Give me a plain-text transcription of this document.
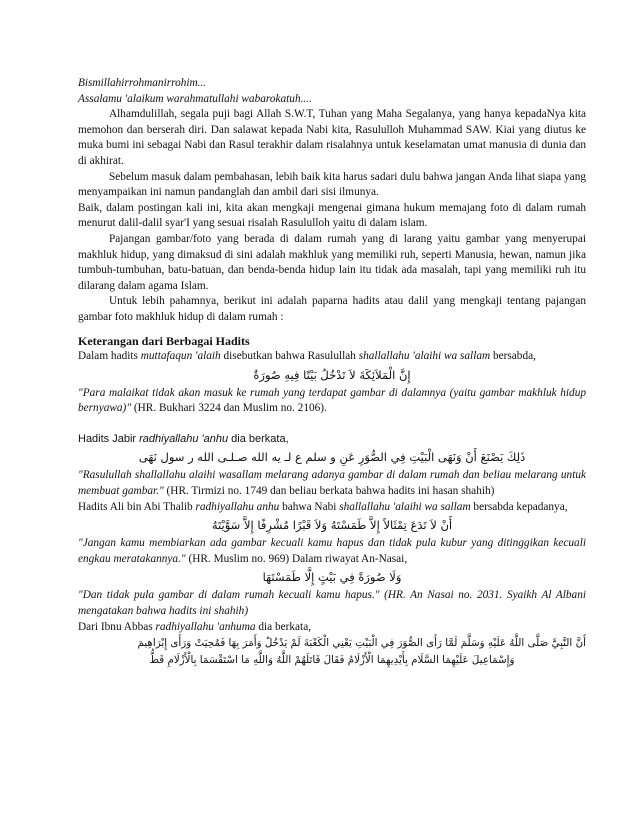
Bismillahirrohmanirrohim...

Assalamu 'alaikum warahmatullahi wabarokatuh....

Alhamdulillah, segala puji bagi Allah S.W.T, Tuhan yang Maha Segalanya, yang hanya kepadaNya kita memohon dan berserah diri. Dan salawat kepada Nabi kita, Rasululloh Muhammad SAW. Kiai yang diutus ke muka bumi ini sebagai Nabi dan Rasul terakhir dalam risalahnya untuk keselamatan umat manusia di dunia dan di akhirat.

Sebelum masuk dalam pembahasan, lebih baik kita harus sadari dulu bahwa jangan Anda lihat siapa yang menyampaikan ini namun pandanglah dan ambil dari sisi ilmunya.

Baik, dalam postingan kali ini, kita akan mengkaji mengenai gimana hukum memajang foto di dalam rumah menurut dalil-dalil syar'I yang sesuai risalah Rasululloh yaitu di dalam islam.

Pajangan gambar/foto yang berada di dalam rumah yang di larang yaitu gambar yang menyerupai makhluk hidup, yang dimaksud di sini adalah makhluk yang memiliki ruh, seperti Manusia, hewan, namun jika tumbuh-tumbuhan, batu-batuan, dan benda-benda hidup lain itu tidak ada masalah, tapi yang memiliki ruh itu dilarang dalam agama Islam.

Untuk lebih pahamnya, berikut ini adalah paparna hadits atau dalil yang mengkaji tentang pajangan gambar foto makhluk hidup di dalam rumah :

Keterangan dari Berbagai Hadits

Dalam hadits muttafaqun 'alaih disebutkan bahwa Rasulullah shallallahu 'alaihi wa sallam bersabda,

إِنَّ الْمَلاَئِكَةَ لاَ تَدْخُلُ بَيْتًا فِيهِ صُورَةٌ

"Para malaikat tidak akan masuk ke rumah yang terdapat gambar di dalamnya (yaitu gambar makhluk hidup bernyawa)" (HR. Bukhari 3224 dan Muslim no. 2106).

Hadits Jabir radhiyallahu 'anhu dia berkata,

ذَلِكَ يَصْنَعَ أَنْ وَنَهَى الْبَيْتِ فِي الصُّوَرِ عَنِ و سلم ع لـ يه الله صـلـى الله ر سول نَهَى

"Rasulullah shallallahu alaihi wasallam melarang adanya gambar di dalam rumah dan beliau melarang untuk membuat gambar." (HR. Tirmizi no. 1749 dan beliau berkata bahwa hadits ini hasan shahih)

Hadits Ali bin Abi Thalib radhiyallahu anhu bahwa Nabi shallallahu 'alaihi wa sallam bersabda kepadanya,

أَنْ لاَ تَدَعَ تِمْثَالاً إِلاَّ طَمَسْتَهُ وَلاَ قَبْرًا مُشْرِفًا إِلاَّ سَوَّيْتَهُ

"Jangan kamu membiarkan ada gambar kecuali kamu hapus dan tidak pula kubur yang ditinggikan kecuali engkau meratakannya." (HR. Muslim no. 969) Dalam riwayat An-Nasai,

وَلَا صُورَةً فِي بَيْتٍ إِلَّا طَمَسْتَهَا

"Dan tidak pula gambar di dalam rumah kecuali kamu hapus." (HR. An Nasai no. 2031. Syaikh Al Albani mengatakan bahwa hadits ini shahih)

Dari Ibnu Abbas radhiyallahu 'anhuma dia berkata,

أَنَّ النَّبِيَّ صَلَّى اللَّهُ عَلَيْهِ وَسَلَّمَ لَمَّا رَأَى الصُّوَرَ فِي الْبَيْتِ يَعْنِي الْكَعْبَةَ لَمْ يَدْخُلْ وَأَمَرَ بِهَا فَمُحِيَتْ وَرَأَى إِبْرَاهِيمَ

وَإِسْمَاعِيلَ عَلَيْهِمَا السَّلَام بِأَيْدِيهِمَا الْأَزْلَامُ فَقَالَ قَاتَلَهُمْ اللَّهُ وَاللَّهِ مَا اسْتَقْسَمَا بِالْأَزْلَامِ قَطُّ
